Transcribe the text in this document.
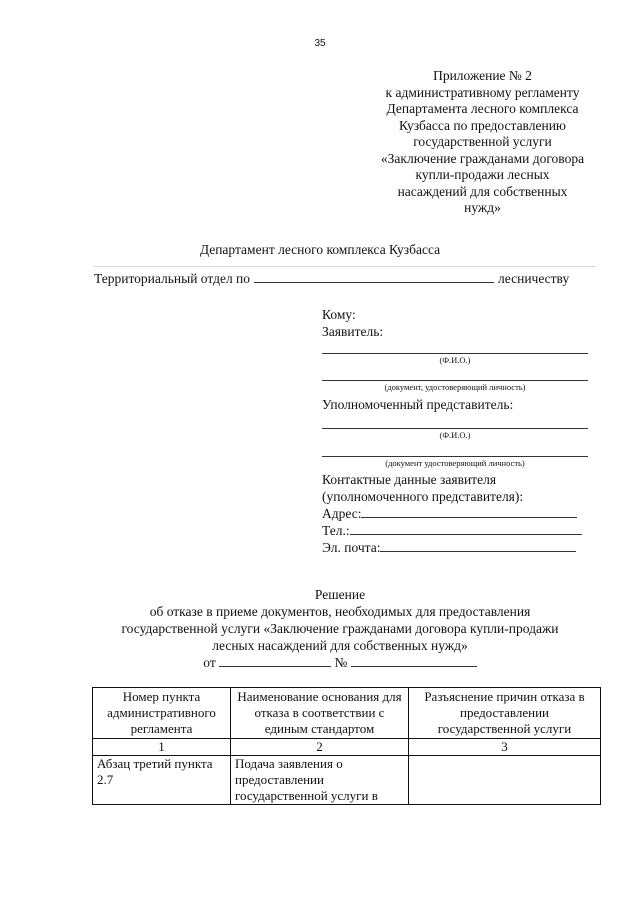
35
Приложение № 2
к административному регламенту
Департамента лесного комплекса
Кузбасса по предоставлению
государственной услуги
«Заключение гражданами договора
купли-продажи лесных
насаждений для собственных
нужд»
Департамент лесного комплекса Кузбасса
Территориальный отдел по	лесничеству
Кому:
Заявитель:
(Ф.И.О.)
(документ, удостоверяющий личность)
Уполномоченный представитель:
(Ф.И.О.)
(документ удостоверяющий личность)
Контактные данные заявителя
(уполномоченного представителя):
Адрес:
Тел.:
Эл. почта:
Решение
об отказе в приеме документов, необходимых для предоставления
государственной услуги «Заключение гражданами договора купли-продажи
лесных насаждений для собственных нужд»
от	№
Номер пункта административного регламента	Наименование основания для отказа в соответствии с единым стандартом	Разъяснение причин отказа в предоставлении государственной услуги
1	2	3
Абзац третий пункта 2.7	Подача заявления о предоставлении государственной услуги в	
